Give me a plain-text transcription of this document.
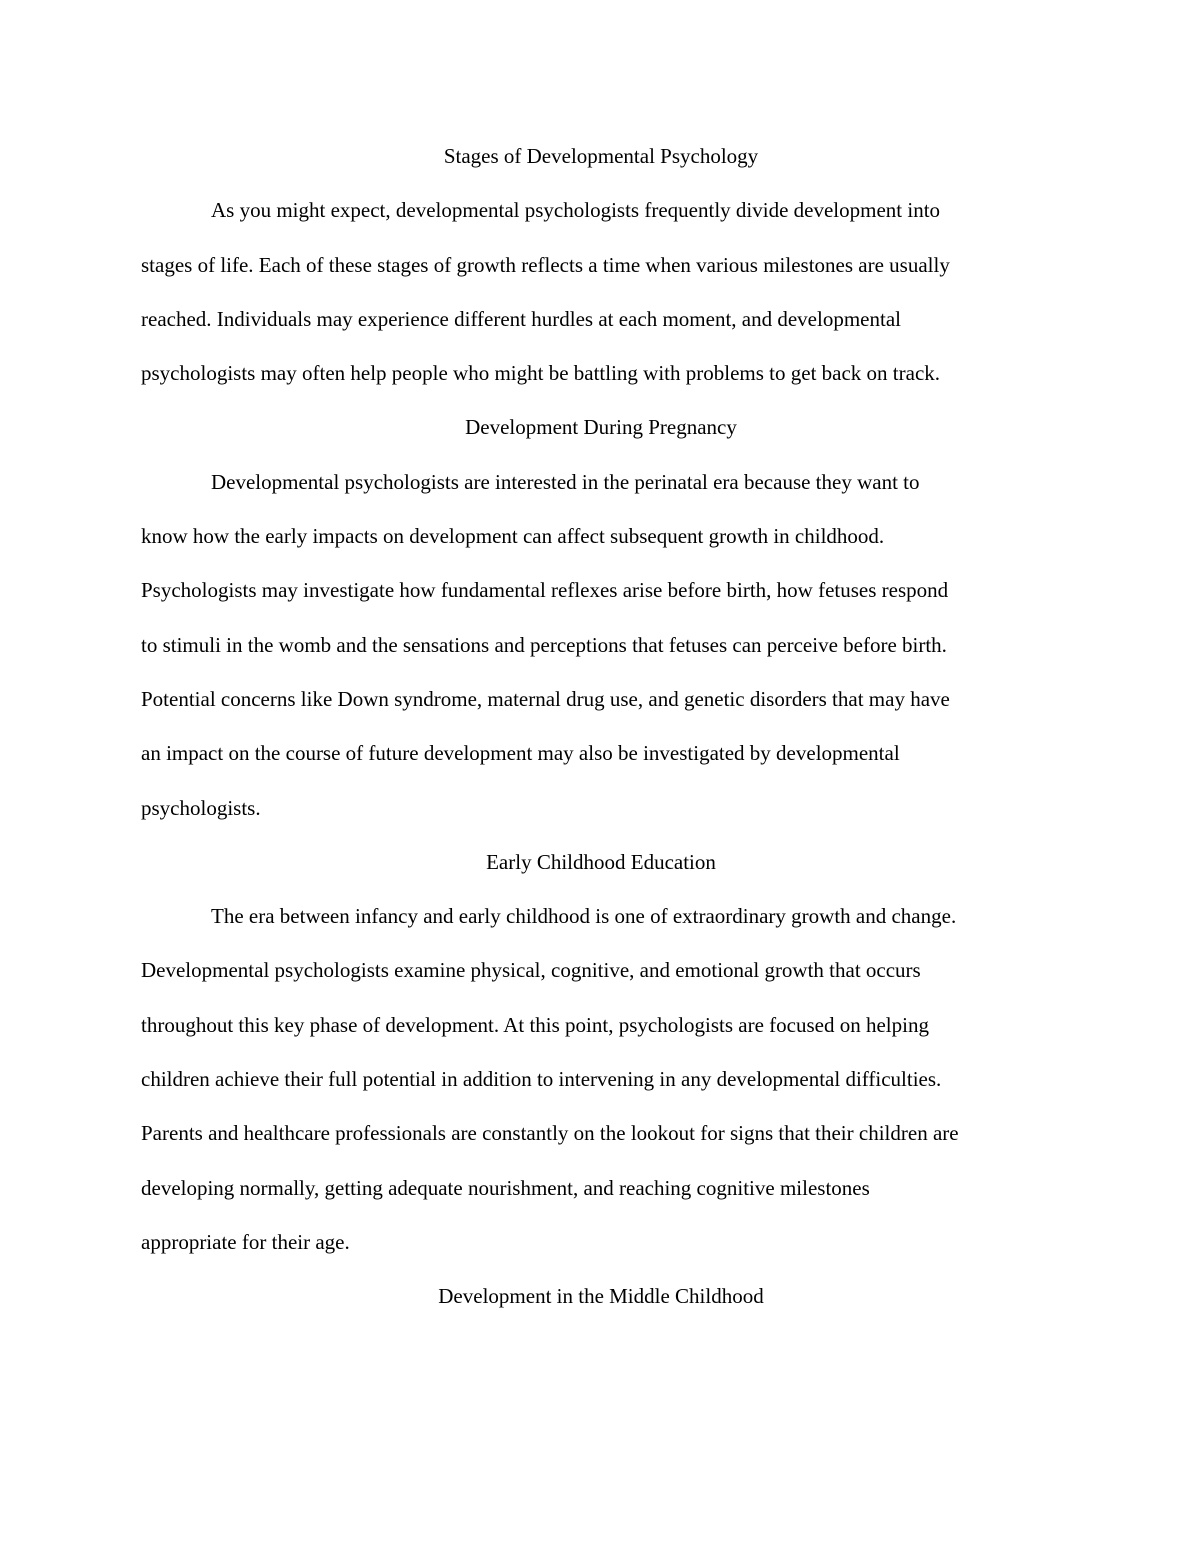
Stages of Developmental Psychology
As you might expect, developmental psychologists frequently divide development into
stages of life. Each of these stages of growth reflects a time when various milestones are usually
reached. Individuals may experience different hurdles at each moment, and developmental
psychologists may often help people who might be battling with problems to get back on track.
Development During Pregnancy
Developmental psychologists are interested in the perinatal era because they want to
know how the early impacts on development can affect subsequent growth in childhood.
Psychologists may investigate how fundamental reflexes arise before birth, how fetuses respond
to stimuli in the womb and the sensations and perceptions that fetuses can perceive before birth.
Potential concerns like Down syndrome, maternal drug use, and genetic disorders that may have
an impact on the course of future development may also be investigated by developmental
psychologists.
Early Childhood Education
The era between infancy and early childhood is one of extraordinary growth and change.
Developmental psychologists examine physical, cognitive, and emotional growth that occurs
throughout this key phase of development. At this point, psychologists are focused on helping
children achieve their full potential in addition to intervening in any developmental difficulties.
Parents and healthcare professionals are constantly on the lookout for signs that their children are
developing normally, getting adequate nourishment, and reaching cognitive milestones
appropriate for their age.
Development in the Middle Childhood
